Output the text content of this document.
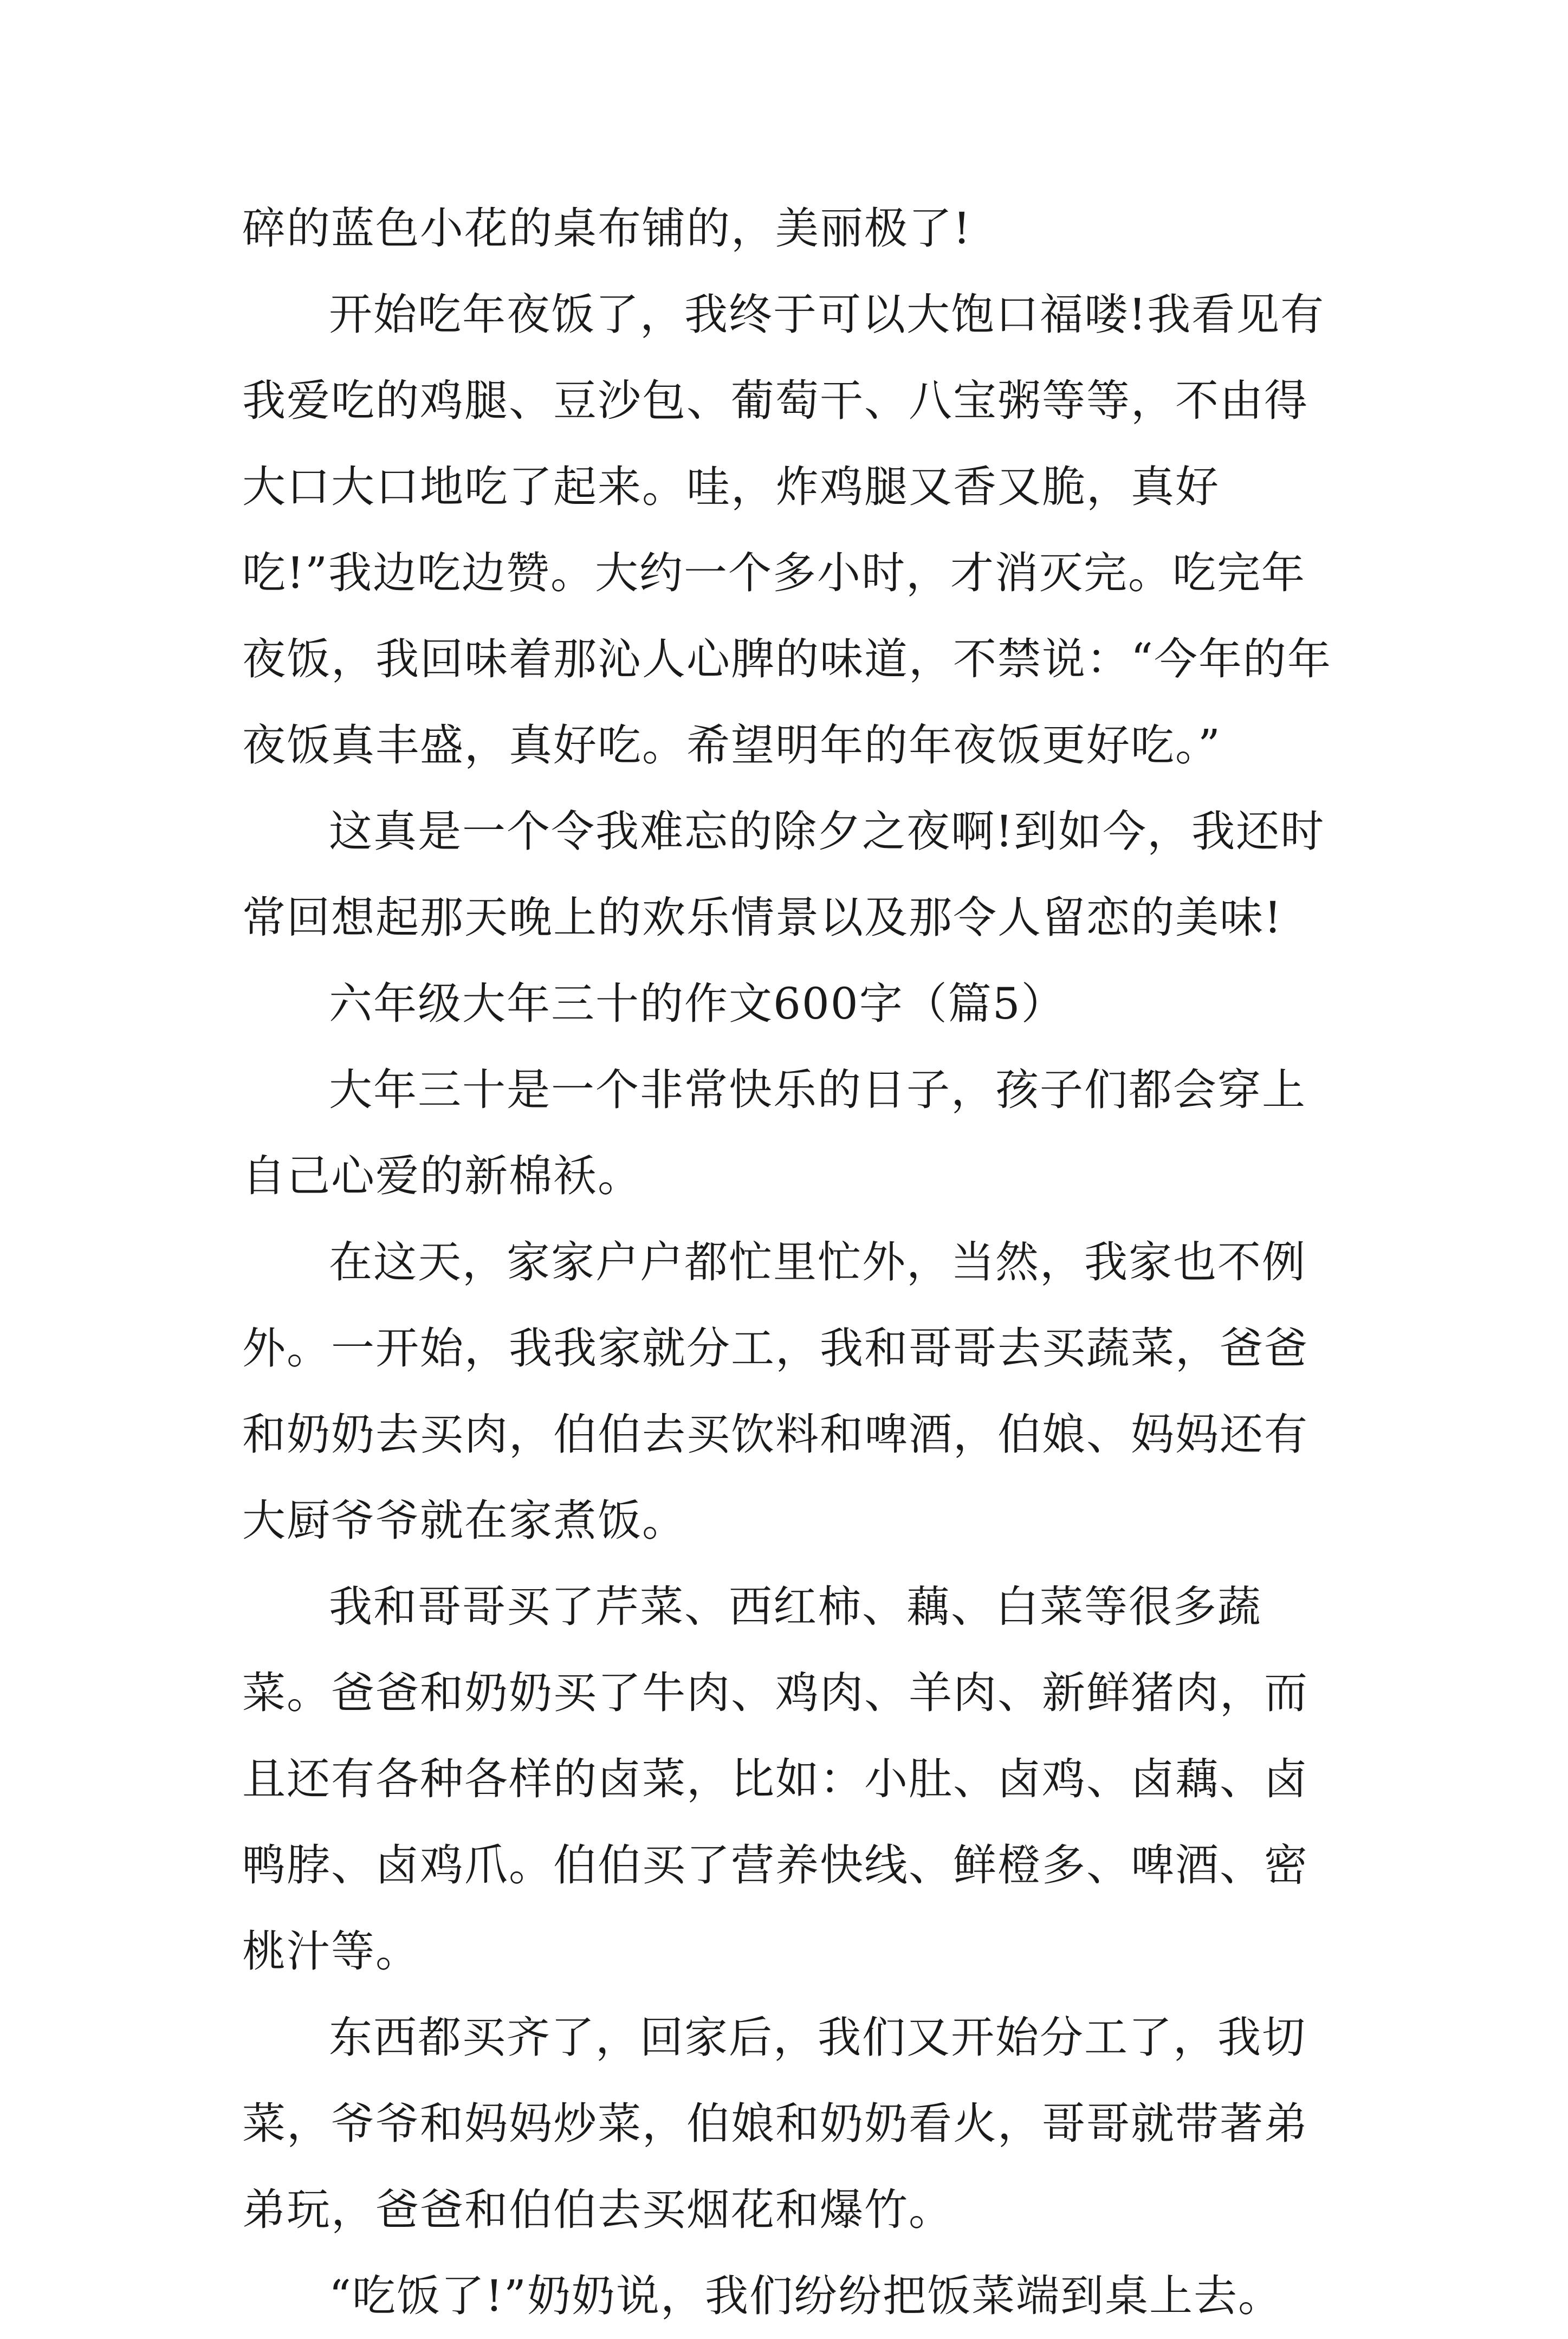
碎的蓝色小花的桌布铺的，美丽极了!

开始吃年夜饭了，我终于可以大饱口福喽!我看见有我爱吃的鸡腿、豆沙包、葡萄干、八宝粥等等，不由得大口大口地吃了起来。哇，炸鸡腿又香又脆，真好吃!”我边吃边赞。大约一个多小时，才消灭完。吃完年夜饭，我回味着那沁人心脾的味道，不禁说：“今年的年夜饭真丰盛，真好吃。希望明年的年夜饭更好吃。”

这真是一个令我难忘的除夕之夜啊!到如今，我还时常回想起那天晚上的欢乐情景以及那令人留恋的美味!

六年级大年三十的作文600字（篇5）

大年三十是一个非常快乐的日子，孩子们都会穿上自己心爱的新棉袄。

在这天，家家户户都忙里忙外，当然，我家也不例外。一开始，我我家就分工，我和哥哥去买蔬菜，爸爸和奶奶去买肉，伯伯去买饮料和啤酒，伯娘、妈妈还有大厨爷爷就在家煮饭。

我和哥哥买了芹菜、西红柿、藕、白菜等很多蔬菜。爸爸和奶奶买了牛肉、鸡肉、羊肉、新鲜猪肉，而且还有各种各样的卤菜，比如：小肚、卤鸡、卤藕、卤鸭脖、卤鸡爪。伯伯买了营养快线、鲜橙多、啤酒、密桃汁等。

东西都买齐了，回家后，我们又开始分工了，我切菜，爷爷和妈妈炒菜，伯娘和奶奶看火，哥哥就带著弟弟玩，爸爸和伯伯去买烟花和爆竹。

“吃饭了!”奶奶说，我们纷纷把饭菜端到桌上去。
